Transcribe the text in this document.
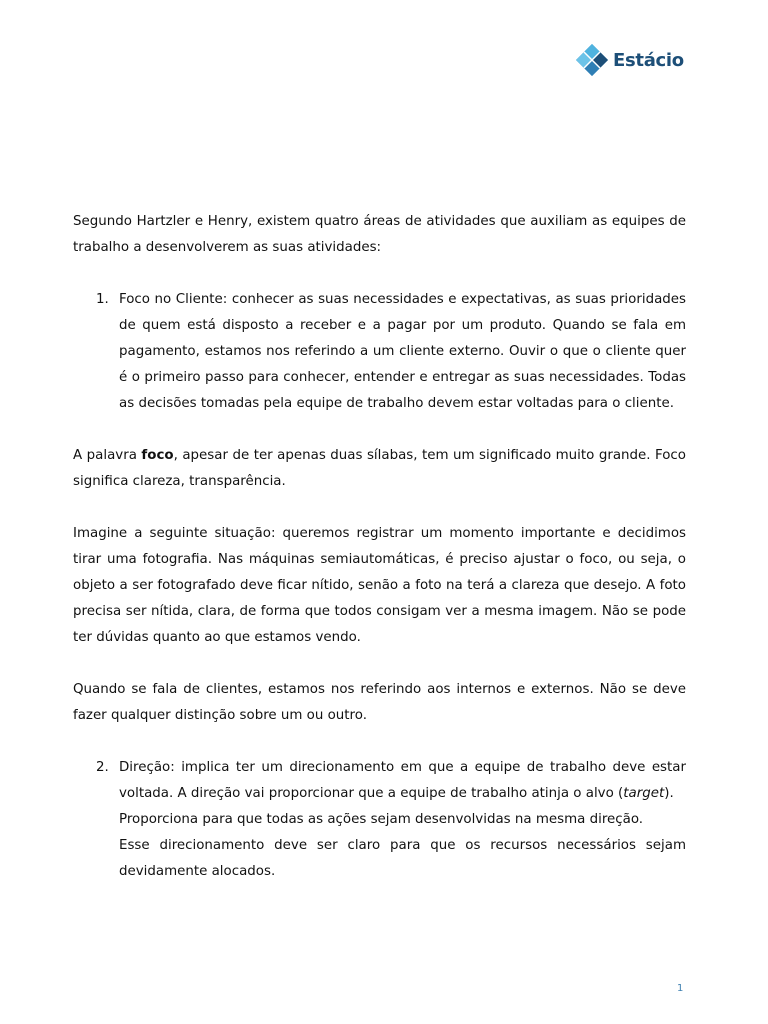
Estácio

Segundo Hartzler e Henry, existem quatro áreas de atividades que auxiliam as equipes de trabalho a desenvolverem as suas atividades:

1. Foco no Cliente: conhecer as suas necessidades e expectativas, as suas prioridades de quem está disposto a receber e a pagar por um produto. Quando se fala em pagamento, estamos nos referindo a um cliente externo. Ouvir o que o cliente quer é o primeiro passo para conhecer, entender e entregar as suas necessidades. Todas as decisões tomadas pela equipe de trabalho devem estar voltadas para o cliente.

A palavra foco, apesar de ter apenas duas sílabas, tem um significado muito grande. Foco significa clareza, transparência.

Imagine a seguinte situação: queremos registrar um momento importante e decidimos tirar uma fotografia. Nas máquinas semiautomáticas, é preciso ajustar o foco, ou seja, o objeto a ser fotografado deve ficar nítido, senão a foto na terá a clareza que desejo. A foto precisa ser nítida, clara, de forma que todos consigam ver a mesma imagem. Não se pode ter dúvidas quanto ao que estamos vendo.

Quando se fala de clientes, estamos nos referindo aos internos e externos. Não se deve fazer qualquer distinção sobre um ou outro.

2. Direção: implica ter um direcionamento em que a equipe de trabalho deve estar voltada. A direção vai proporcionar que a equipe de trabalho atinja o alvo (target).

Proporciona para que todas as ações sejam desenvolvidas na mesma direção.

Esse direcionamento deve ser claro para que os recursos necessários sejam devidamente alocados.

1
